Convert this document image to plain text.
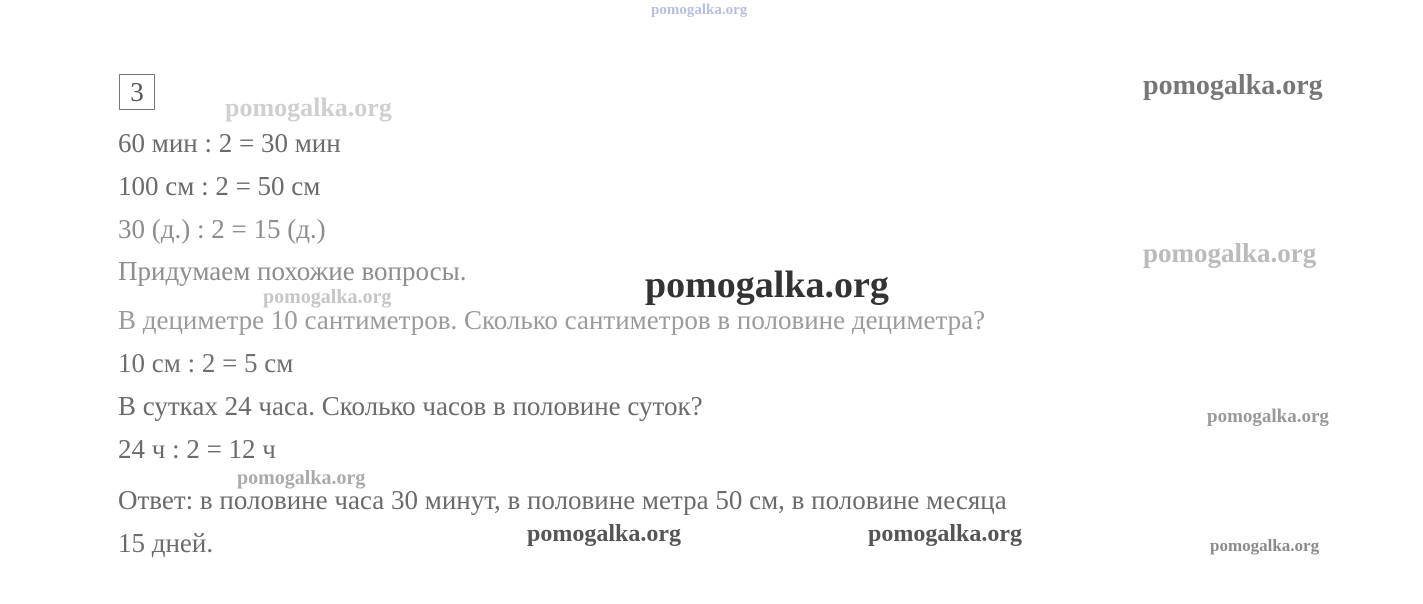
3
60 мин : 2 = 30 мин
100 см : 2 = 50 см
30 (д.) : 2 = 15 (д.)
Придумаем похожие вопросы.
В дециметре 10 сантиметров. Сколько сантиметров в половине дециметра?
10 см : 2 = 5 см
В сутках 24 часа. Сколько часов в половине суток?
24 ч : 2 = 12 ч
Ответ: в половине часа 30 минут, в половине метра 50 см, в половине месяца
15 дней.
pomogalka.org
pomogalka.org
pomogalka.org
pomogalka.org
pomogalka.org
pomogalka.org
pomogalka.org
pomogalka.org
pomogalka.org	pomogalka.org	pomogalka.org
